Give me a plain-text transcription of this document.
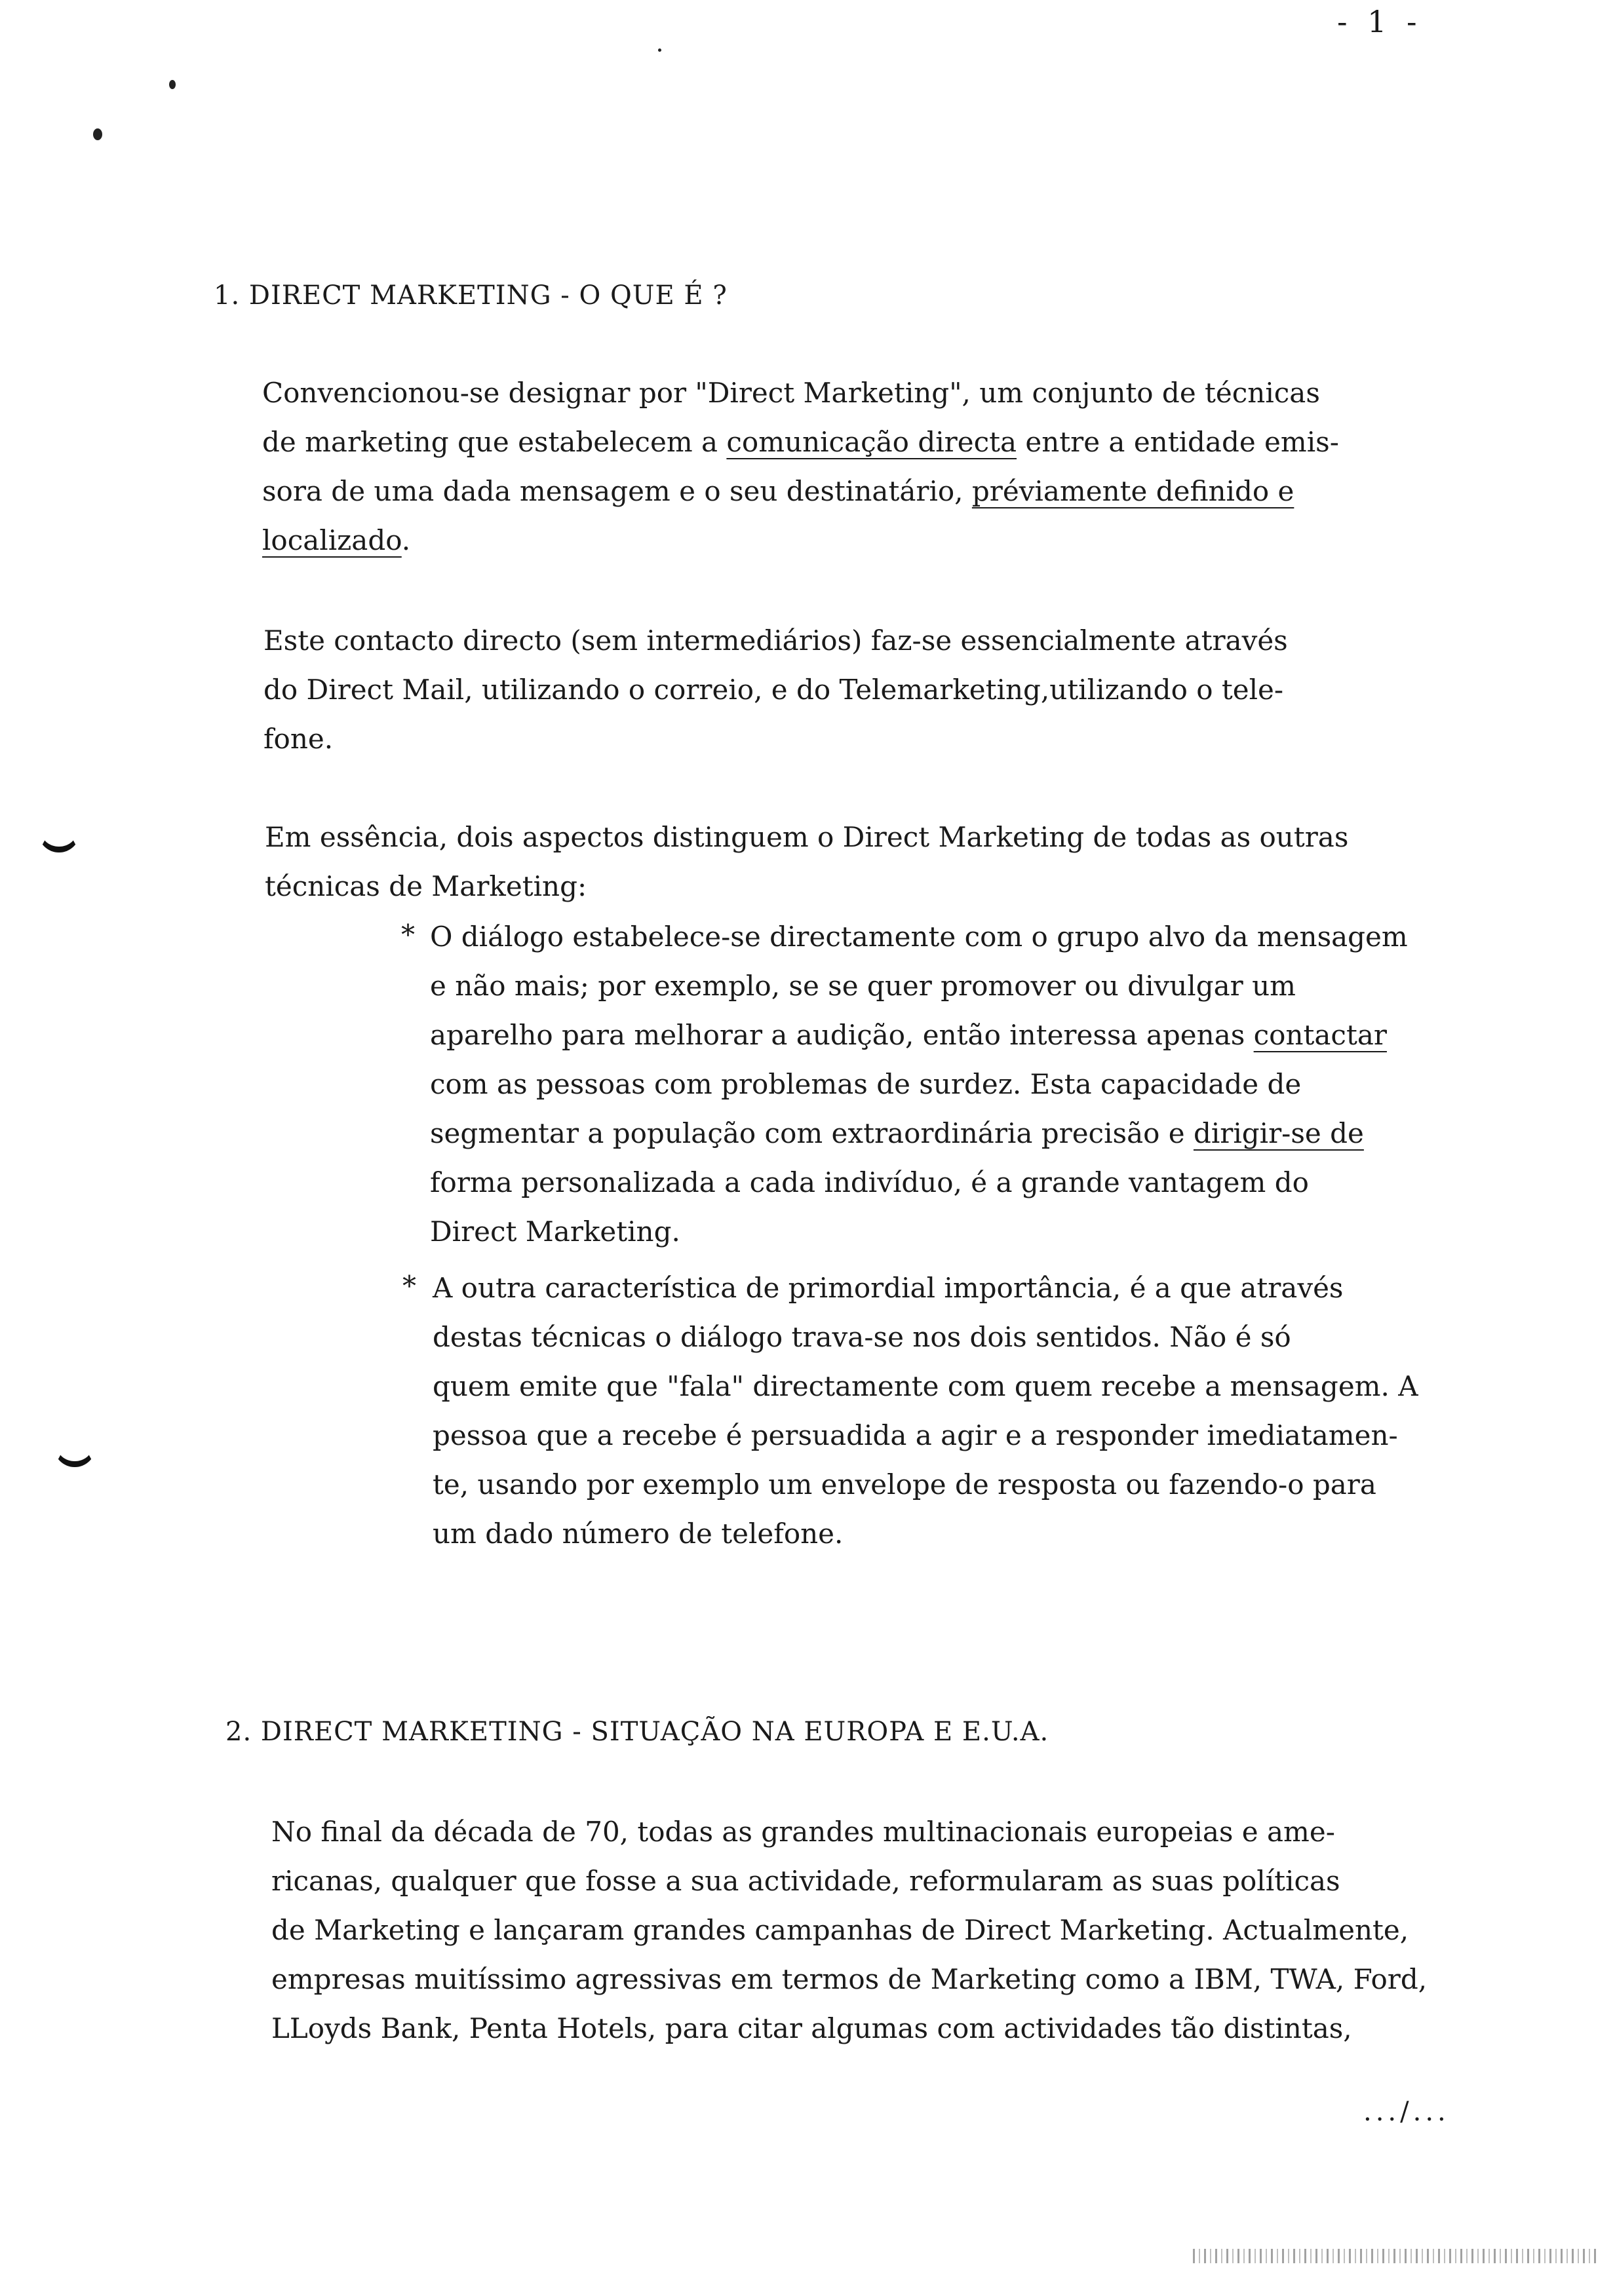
- 1 -
1. DIRECT MARKETING - O QUE É ?
Convencionou-se designar por "Direct Marketing", um conjunto de técnicas
de marketing que estabelecem a comunicação directa entre a entidade emis-
sora de uma dada mensagem e o seu destinatário, préviamente definido e
localizado.
Este contacto directo (sem intermediários) faz-se essencialmente através
do Direct Mail, utilizando o correio, e do Telemarketing,utilizando o tele-
fone.
Em essência, dois aspectos distinguem o Direct Marketing de todas as outras
técnicas de Marketing:
* O diálogo estabelece-se directamente com o grupo alvo da mensagem
e não mais; por exemplo, se se quer promover ou divulgar um
aparelho para melhorar a audição, então interessa apenas contactar
com as pessoas com problemas de surdez. Esta capacidade de
segmentar a população com extraordinária precisão e dirigir-se de
forma personalizada a cada indivíduo, é a grande vantagem do
Direct Marketing.
* A outra característica de primordial importância, é a que através
destas técnicas o diálogo trava-se nos dois sentidos. Não é só
quem emite que "fala" directamente com quem recebe a mensagem. A
pessoa que a recebe é persuadida a agir e a responder imediatamen-
te, usando por exemplo um envelope de resposta ou fazendo-o para
um dado número de telefone.
2. DIRECT MARKETING - SITUAÇÃO NA EUROPA E E.U.A.
No final da década de 70, todas as grandes multinacionais europeias e ame-
ricanas, qualquer que fosse a sua actividade, reformularam as suas políticas
de Marketing e lançaram grandes campanhas de Direct Marketing. Actualmente,
empresas muitíssimo agressivas em termos de Marketing como a IBM, TWA, Ford,
LLoyds Bank, Penta Hotels, para citar algumas com actividades tão distintas,
.../...
